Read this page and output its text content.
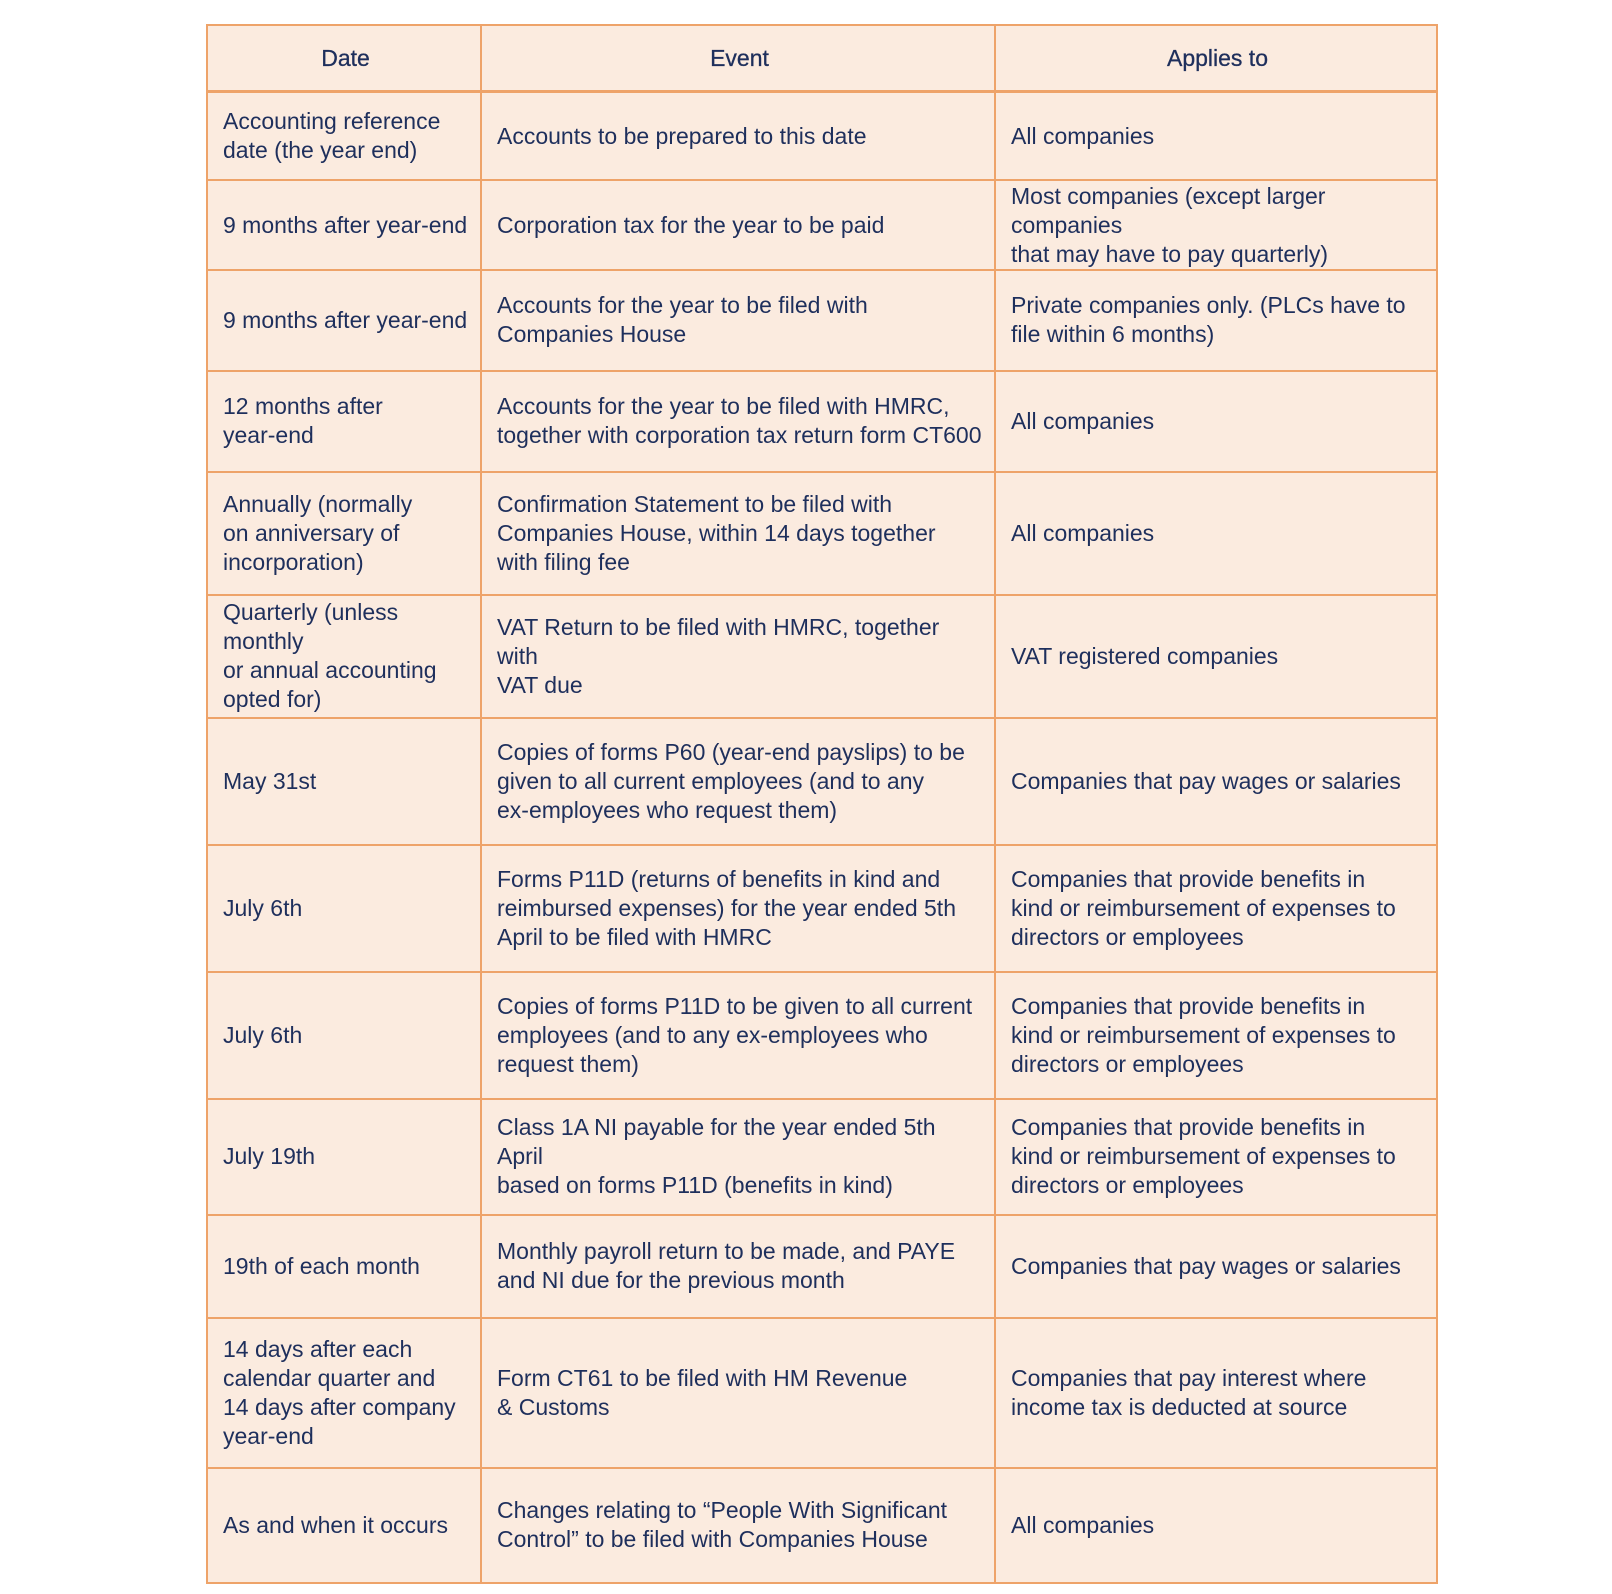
Date	Event	Applies to

Accounting reference
date (the year end)	Accounts to be prepared to this date	All companies

9 months after year-end	Corporation tax for the year to be paid	Most companies (except larger companies
that may have to pay quarterly)

9 months after year-end	Accounts for the year to be filed with
Companies House	Private companies only. (PLCs have to
file within 6 months)

12 months after
year-end	Accounts for the year to be filed with HMRC,
together with corporation tax return form CT600	All companies

Annually (normally
on anniversary of
incorporation)	Confirmation Statement to be filed with
Companies House, within 14 days together
with filing fee	All companies

Quarterly (unless monthly
or annual accounting
opted for)	VAT Return to be filed with HMRC, together with
VAT due	VAT registered companies

May 31st	Copies of forms P60 (year-end payslips) to be
given to all current employees (and to any
ex-employees who request them)	Companies that pay wages or salaries

July 6th	Forms P11D (returns of benefits in kind and
reimbursed expenses) for the year ended 5th
April to be filed with HMRC	Companies that provide benefits in
kind or reimbursement of expenses to
directors or employees

July 6th	Copies of forms P11D to be given to all current
employees (and to any ex-employees who
request them)	Companies that provide benefits in
kind or reimbursement of expenses to
directors or employees

July 19th	Class 1A NI payable for the year ended 5th April
based on forms P11D (benefits in kind)	Companies that provide benefits in
kind or reimbursement of expenses to
directors or employees

19th of each month	Monthly payroll return to be made, and PAYE
and NI due for the previous month	Companies that pay wages or salaries

14 days after each
calendar quarter and
14 days after company
year-end	Form CT61 to be filed with HM Revenue
& Customs	Companies that pay interest where
income tax is deducted at source

As and when it occurs	Changes relating to “People With Significant
Control” to be filed with Companies House	All companies
